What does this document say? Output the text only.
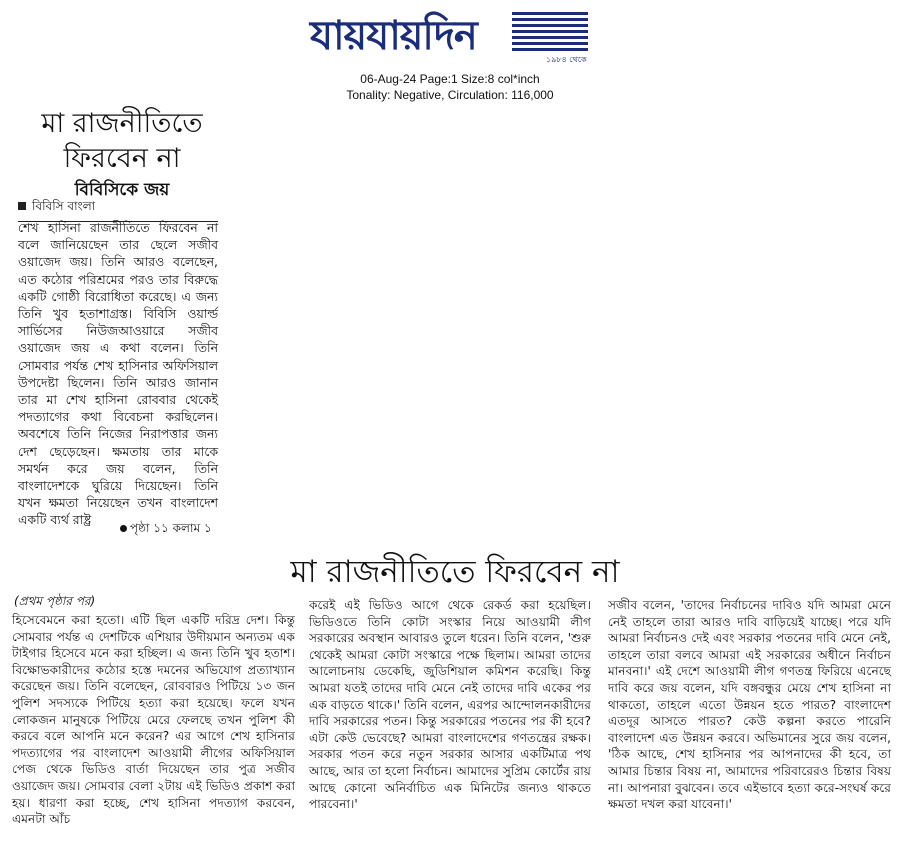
যায়যায়দিন
১৯৮৪ থেকে
06-Aug-24 Page:1 Size:8 col*inch
Tonality: Negative, Circulation: 116,000
মা রাজনীতিতে
ফিরবেন না
বিবিসিকে জয়
বিবিসি বাংলা
শেখ হাসিনা রাজনীতিতে ফিরবেন না বলে জানিয়েছেন তার ছেলে সজীব ওয়াজেদ জয়। তিনি আরও বলেছেন, এত কঠোর পরিশ্রমের পরও তার বিরুদ্ধে একটি গোষ্ঠী বিরোধিতা করেছে। এ জন্য তিনি খুব হতাশাগ্রস্ত। বিবিসি ওয়ার্ল্ড সার্ভিসের নিউজআওয়ারে সজীব ওয়াজেদ জয় এ কথা বলেন। তিনি সোমবার পর্যন্ত শেখ হাসিনার অফিসিয়াল উপদেষ্টা ছিলেন। তিনি আরও জানান তার মা শেখ হাসিনা রোববার থেকেই পদত্যাগের কথা বিবেচনা করছিলেন। অবশেষে তিনি নিজের নিরাপত্তার জন্য দেশ ছেড়েছেন। ক্ষমতায় তার মাকে সমর্থন করে জয় বলেন, তিনি বাংলাদেশকে ঘুরিয়ে দিয়েছেন। তিনি যখন ক্ষমতা নিয়েছেন তখন বাংলাদেশ একটি ব্যর্থ রাষ্ট্র
পৃষ্ঠা ১১ কলাম ১
মা রাজনীতিতে ফিরবেন না
(প্রথম পৃষ্ঠার পর)

হিসেবেমনে করা হতো। এটি ছিল একটি দরিদ্র দেশ। কিন্তু সোমবার পর্যন্ত এ দেশটিকে এশিয়ার উদীয়মান অন্যতম এক টাইগার হিসেবে মনে করা হচ্ছিল। এ জন্য তিনি খুব হতাশ। বিক্ষোভকারীদের কঠোর হস্তে দমনের অভিযোগ প্রত্যাখ্যান করেছেন জয়। তিনি বলেছেন, রোববারও পিটিয়ে ১৩ জন পুলিশ সদস্যকে পিটিয়ে হত্যা করা হয়েছে। ফলে যখন লোকজন মানুষকে পিটিয়ে মেরে ফেলছে তখন পুলিশ কী করবে বলে আপনি মনে করেন? এর আগে শেখ হাসিনার পদত্যাগের পর বাংলাদেশ আওয়ামী লীগের অফিসিয়াল পেজ থেকে ভিডিও বার্তা দিয়েছেন তার পুত্র সজীব ওয়াজেদ জয়। সোমবার বেলা ২টায় এই ভিডিও প্রকাশ করা হয়। ধারণা করা হচ্ছে, শেখ হাসিনা পদত্যাগ করবেন, এমনটা আঁচ

করেই এই ভিডিও আগে থেকে রেকর্ড করা হয়েছিল। ভিডিওতে তিনি কোটা সংস্কার নিয়ে আওয়ামী লীগ সরকারের অবস্থান আবারও তুলে ধরেন। তিনি বলেন, 'শুরু থেকেই আমরা কোটা সংস্কারে পক্ষে ছিলাম। আমরা তাদের আলোচনায় ডেকেছি, জুডিশিয়াল কমিশন করেছি। কিন্তু আমরা যতই তাদের দাবি মেনে নেই তাদের দাবি একের পর এক বাড়তে থাকে।' তিনি বলেন, এরপর আন্দোলনকারীদের দাবি সরকারের পতন। কিন্তু সরকারের পতনের পর কী হবে? এটা কেউ ভেবেছে? আমরা বাংলাদেশের গণতন্ত্রের রক্ষক। সরকার পতন করে নতুন সরকার আসার একটিমাত্র পথ আছে, আর তা হলো নির্বাচন। আমাদের সুপ্রিম কোর্টের রায় আছে কোনো অনির্বাচিত এক মিনিটের জন্যও থাকতে পারবেনা।'

সজীব বলেন, 'তাদের নির্বাচনের দাবিও যদি আমরা মেনে নেই তাহলে তারা আরও দাবি বাড়িয়েই যাচ্ছে। পরে যদি আমরা নির্বাচনও দেই এবং সরকার পতনের দাবি মেনে নেই, তাহলে তারা বলবে আমরা এই সরকারের অধীনে নির্বাচন মানবনা।' এই দেশে আওয়ামী লীগ গণতন্ত্র ফিরিয়ে এনেছে দাবি করে জয় বলেন, যদি বঙ্গবন্ধুর মেয়ে শেখ হাসিনা না থাকতো, তাহলে এতো উন্নয়ন হতে পারত? বাংলাদেশ এতদূর আসতে পারত? কেউ কল্পনা করতে পারেনি বাংলাদেশ এত উন্নয়ন করবে। অভিমানের সুরে জয় বলেন, 'ঠিক আছে, শেখ হাসিনার পর আপনাদের কী হবে, তা আমার চিন্তার বিষয় না, আমাদের পরিবারেরও চিন্তার বিষয় না। আপনারা বুঝবেন। তবে এইভাবে হত্যা করে-সংঘর্ষ করে ক্ষমতা দখল করা যাবেনা।'
